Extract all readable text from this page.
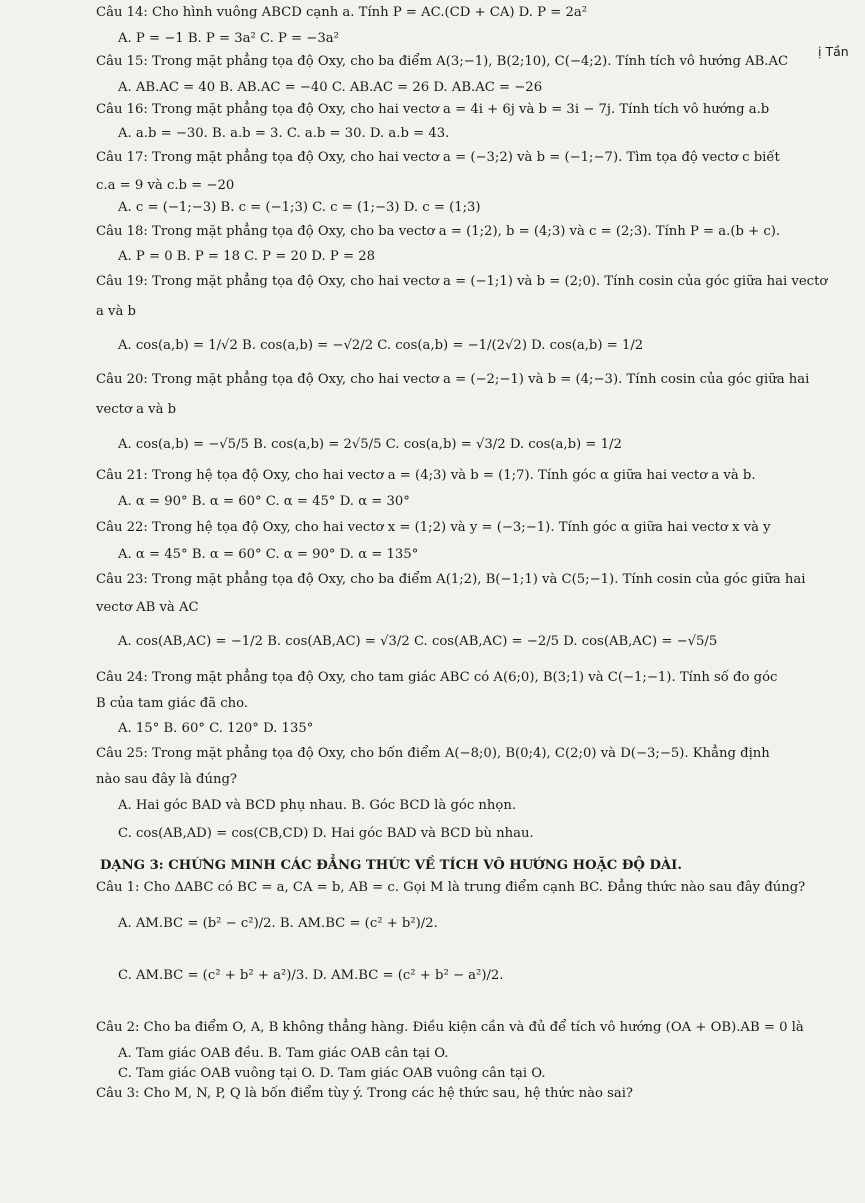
ị Tần
Câu 14: Cho hình vuông ABCD cạnh a. Tính P = AC.(CD + CA) D. P = 2a²
A. P = −1 B. P = 3a² C. P = −3a²
Câu 15: Trong mặt phẳng tọa độ Oxy, cho ba điểm A(3;−1), B(2;10), C(−4;2). Tính tích vô hướng AB.AC
A. AB.AC = 40 B. AB.AC = −40 C. AB.AC = 26 D. AB.AC = −26
Câu 16: Trong mặt phẳng tọa độ Oxy, cho hai vectơ a = 4i + 6j và b = 3i − 7j. Tính tích vô hướng a.b
A. a.b = −30. B. a.b = 3. C. a.b = 30. D. a.b = 43.
Câu 17: Trong mặt phẳng tọa độ Oxy, cho hai vectơ a = (−3;2) và b = (−1;−7). Tìm tọa độ vectơ c biết
c.a = 9 và c.b = −20
A. c = (−1;−3) B. c = (−1;3) C. c = (1;−3) D. c = (1;3)
Câu 18: Trong mặt phẳng tọa độ Oxy, cho ba vectơ a = (1;2), b = (4;3) và c = (2;3). Tính P = a.(b + c).
A. P = 0 B. P = 18 C. P = 20 D. P = 28
Câu 19: Trong mặt phẳng tọa độ Oxy, cho hai vectơ a = (−1;1) và b = (2;0). Tính cosin của góc giữa hai vectơ
a và b
A. cos(a,b) = 1/√2 B. cos(a,b) = −√2/2 C. cos(a,b) = −1/(2√2) D. cos(a,b) = 1/2
Câu 20: Trong mặt phẳng tọa độ Oxy, cho hai vectơ a = (−2;−1) và b = (4;−3). Tính cosin của góc giữa hai
vectơ a và b
A. cos(a,b) = −√5/5 B. cos(a,b) = 2√5/5 C. cos(a,b) = √3/2 D. cos(a,b) = 1/2
Câu 21: Trong hệ tọa độ Oxy, cho hai vectơ a = (4;3) và b = (1;7). Tính góc α giữa hai vectơ a và b.
A. α = 90° B. α = 60° C. α = 45° D. α = 30°
Câu 22: Trong hệ tọa độ Oxy, cho hai vectơ x = (1;2) và y = (−3;−1). Tính góc α giữa hai vectơ x và y
A. α = 45° B. α = 60° C. α = 90° D. α = 135°
Câu 23: Trong mặt phẳng tọa độ Oxy, cho ba điểm A(1;2), B(−1;1) và C(5;−1). Tính cosin của góc giữa hai
vectơ AB và AC
A. cos(AB,AC) = −1/2 B. cos(AB,AC) = √3/2 C. cos(AB,AC) = −2/5 D. cos(AB,AC) = −√5/5
Câu 24: Trong mặt phẳng tọa độ Oxy, cho tam giác ABC có A(6;0), B(3;1) và C(−1;−1). Tính số đo góc
B của tam giác đã cho.
A. 15° B. 60° C. 120° D. 135°
Câu 25: Trong mặt phẳng tọa độ Oxy, cho bốn điểm A(−8;0), B(0;4), C(2;0) và D(−3;−5). Khẳng định
nào sau đây là đúng?
A. Hai góc BAD và BCD phụ nhau. B. Góc BCD là góc nhọn.
C. cos(AB,AD) = cos(CB,CD) D. Hai góc BAD và BCD bù nhau.
DẠNG 3: CHỨNG MINH CÁC ĐẲNG THỨC VỀ TÍCH VÔ HƯỚNG HOẶC ĐỘ DÀI.
Câu 1: Cho ΔABC có BC = a, CA = b, AB = c. Gọi M là trung điểm cạnh BC. Đẳng thức nào sau đây đúng?
A. AM.BC = (b² − c²)/2. B. AM.BC = (c² + b²)/2.
C. AM.BC = (c² + b² + a²)/3. D. AM.BC = (c² + b² − a²)/2.
Câu 2: Cho ba điểm O, A, B không thẳng hàng. Điều kiện cần và đủ để tích vô hướng (OA + OB).AB = 0 là
A. Tam giác OAB đều. B. Tam giác OAB cân tại O.
C. Tam giác OAB vuông tại O. D. Tam giác OAB vuông cân tại O.
Câu 3: Cho M, N, P, Q là bốn điểm tùy ý. Trong các hệ thức sau, hệ thức nào sai?
